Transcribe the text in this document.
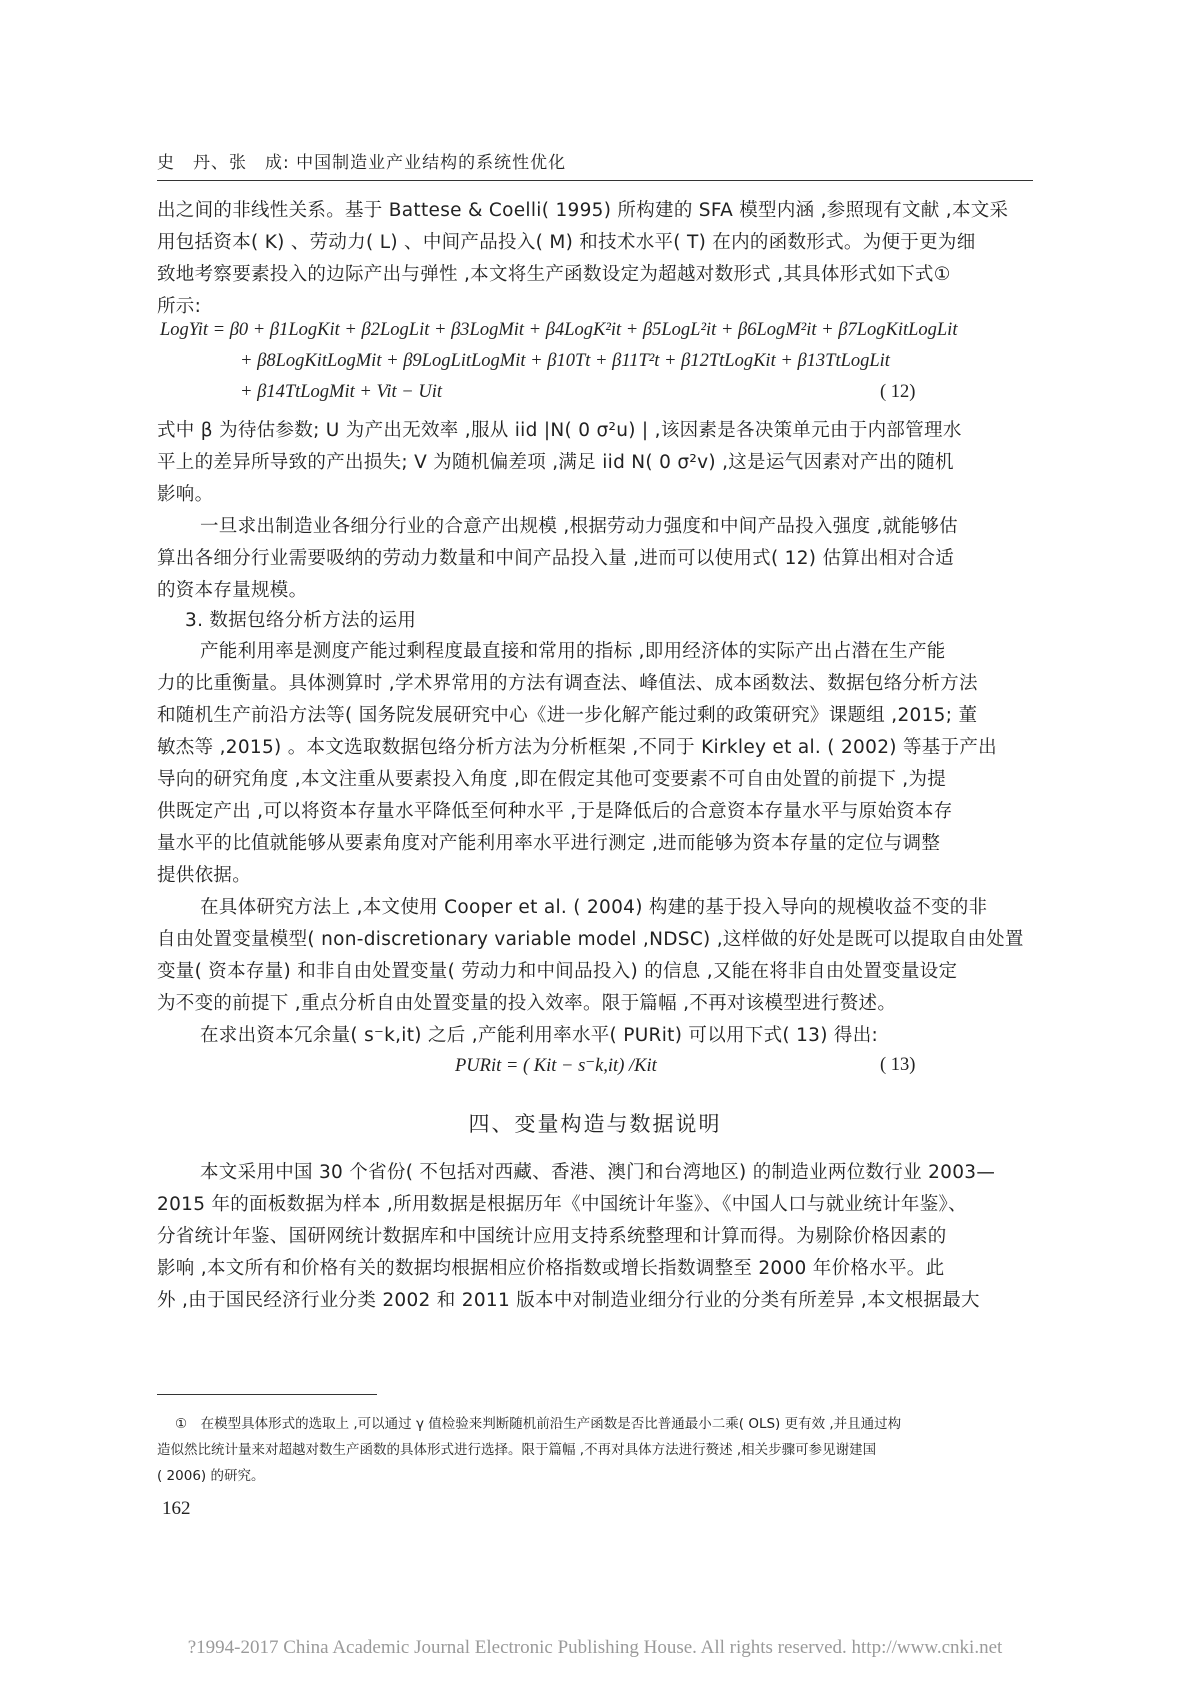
史　丹、张　成: 中国制造业产业结构的系统性优化
出之间的非线性关系。基于 Battese & Coelli( 1995) 所构建的 SFA 模型内涵 ,参照现有文献 ,本文采
用包括资本( K) 、劳动力( L) 、中间产品投入( M) 和技术水平( T) 在内的函数形式。为便于更为细
致地考察要素投入的边际产出与弹性 ,本文将生产函数设定为超越对数形式 ,其具体形式如下式①
所示:
LogYit = β0 + β1LogKit + β2LogLit + β3LogMit + β4LogK²it + β5LogL²it + β6LogM²it + β7LogKitLogLit
+ β8LogKitLogMit + β9LogLitLogMit + β10Tt + β11T²t + β12TtLogKit + β13TtLogLit
+ β14TtLogMit + Vit − Uit	( 12)
式中 β 为待估参数; U 为产出无效率 ,服从 iid |N( 0 σ²u) | ,该因素是各决策单元由于内部管理水
平上的差异所导致的产出损失; V 为随机偏差项 ,满足 iid N( 0 σ²v) ,这是运气因素对产出的随机
影响。
一旦求出制造业各细分行业的合意产出规模 ,根据劳动力强度和中间产品投入强度 ,就能够估
算出各细分行业需要吸纳的劳动力数量和中间产品投入量 ,进而可以使用式( 12) 估算出相对合适
的资本存量规模。
3. 数据包络分析方法的运用
产能利用率是测度产能过剩程度最直接和常用的指标 ,即用经济体的实际产出占潜在生产能
力的比重衡量。具体测算时 ,学术界常用的方法有调查法、峰值法、成本函数法、数据包络分析方法
和随机生产前沿方法等( 国务院发展研究中心《进一步化解产能过剩的政策研究》课题组 ,2015; 董
敏杰等 ,2015) 。本文选取数据包络分析方法为分析框架 ,不同于 Kirkley et al. ( 2002) 等基于产出
导向的研究角度 ,本文注重从要素投入角度 ,即在假定其他可变要素不可自由处置的前提下 ,为提
供既定产出 ,可以将资本存量水平降低至何种水平 ,于是降低后的合意资本存量水平与原始资本存
量水平的比值就能够从要素角度对产能利用率水平进行测定 ,进而能够为资本存量的定位与调整
提供依据。
在具体研究方法上 ,本文使用 Cooper et al. ( 2004) 构建的基于投入导向的规模收益不变的非
自由处置变量模型( non-discretionary variable model ,NDSC) ,这样做的好处是既可以提取自由处置
变量( 资本存量) 和非自由处置变量( 劳动力和中间品投入) 的信息 ,又能在将非自由处置变量设定
为不变的前提下 ,重点分析自由处置变量的投入效率。限于篇幅 ,不再对该模型进行赘述。
在求出资本冗余量( s⁻k,it) 之后 ,产能利用率水平( PURit) 可以用下式( 13) 得出:
PURit = ( Kit − s⁻k,it) /Kit	( 13)
四、变量构造与数据说明
本文采用中国 30 个省份( 不包括对西藏、香港、澳门和台湾地区) 的制造业两位数行业 2003—
2015 年的面板数据为样本 ,所用数据是根据历年《中国统计年鉴》、《中国人口与就业统计年鉴》、
分省统计年鉴、国研网统计数据库和中国统计应用支持系统整理和计算而得。为剔除价格因素的
影响 ,本文所有和价格有关的数据均根据相应价格指数或增长指数调整至 2000 年价格水平。此
外 ,由于国民经济行业分类 2002 和 2011 版本中对制造业细分行业的分类有所差异 ,本文根据最大
①　在模型具体形式的选取上 ,可以通过 γ 值检验来判断随机前沿生产函数是否比普通最小二乘( OLS) 更有效 ,并且通过构
造似然比统计量来对超越对数生产函数的具体形式进行选择。限于篇幅 ,不再对具体方法进行赘述 ,相关步骤可参见谢建国
( 2006) 的研究。
162
?1994-2017 China Academic Journal Electronic Publishing House. All rights reserved. http://www.cnki.net
